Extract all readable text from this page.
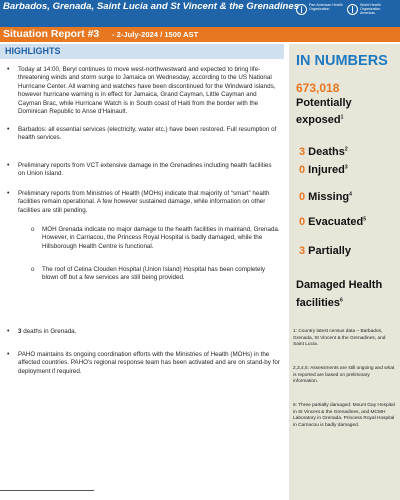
Barbados, Grenada, Saint Lucia and St Vincent & the Grenadines	Pan American Health Organization
World Health Organization Americas
Situation Report #3 - 2-July-2024 / 1500 AST
HIGHLIGHTS
• Today at 14:00, Beryl continues to move west-northwestward and expected to bring life-threatening winds and storm surge to Jamaica on Wednesday, according to the US National Hurricane Center. All warning and watches have been discontinued for the Windward islands, however hurricane warning is in effect for Jamaica, Grand Cayman, Little Cayman and Cayman Brac, while Hurricane Watch is in South coast of Haiti from the border with the Dominican Republic to Anse d'Hainault.
• Barbados: all essential services (electricity, water etc.) have been restored. Full resumption of health services.
• Preliminary reports from VCT extensive damage in the Grenadines including health facilities on Union Island.
• Preliminary reports from Ministries of Health (MOHs) indicate that majority of “smart” health facilities remain operational. A few however sustained damage, while information on other facilities are still pending.
o MOH Grenada indicate no major damage to the health facilities in mainland, Grenada. However, in Carriacou, the Princess Royal Hospital is badly damaged, while the Hillsborough Health Centre is functional.
o The roof of Celina Clouden Hospital (Union Island) Hospital has been completely blown off but a few services are still being provided.
• 3 deaths in Grenada.
• PAHO maintains its ongoing coordination efforts with the Ministries of Health (MOHs) in the affected countries. PAHO's regional response team has been activated and are on stand-by for deployment if required.
IN NUMBERS
673,018
Potentially
exposed$^1$
3 Deaths$^2$
0 Injured$^3$
0 Missing$^4$
0 Evacuated$^5$
3 Partially
Damaged Health
facilities$^6$
1: Country latest census data – Barbados, Grenada, St Vincent & the Grenadines, and Saint Lucia.
2,3,4,5: Assessments are still ongoing and what is reported are based on preliminary information.
6: Three partially damaged: Mount Gay Hospital in St Vincent & the Grenadines, and MCMH Laboratory in Grenada. Princess Royal Hospital in Carriacou is badly damaged.
